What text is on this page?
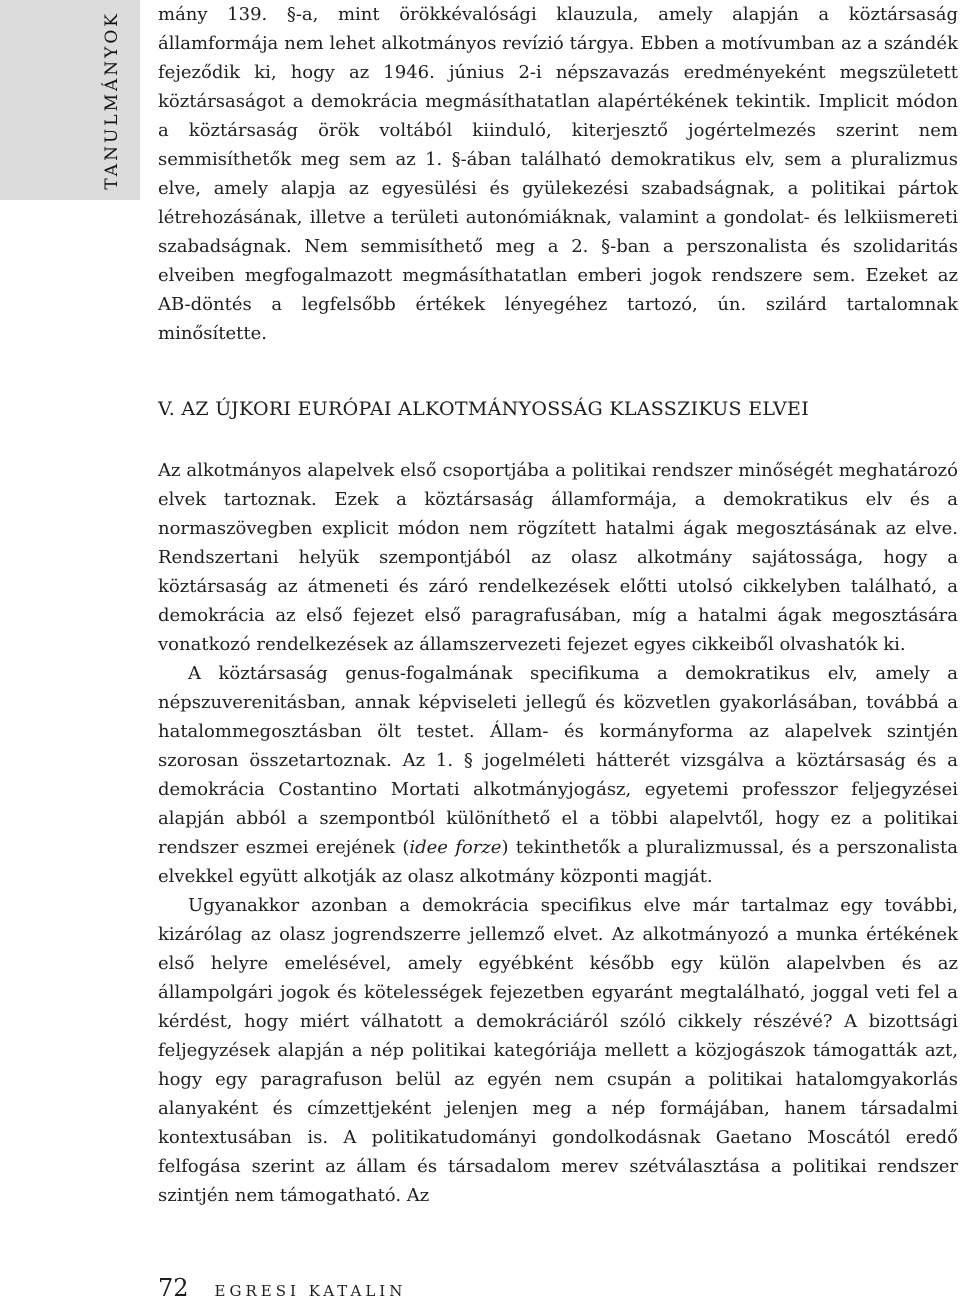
TANULMÁNYOK mány 139. §-a, mint örökkévalósági klauzula, amely alapján a köztársaság államformája nem lehet alkotmányos revízió tárgya. Ebben a motívumban az a szándék fejeződik ki, hogy az 1946. június 2-i népszavazás eredményeként megszületett köztársaságot a demokrácia megmásíthatatlan alapértékének tekintik. Implicit módon a köztársaság örök voltából kiinduló, kiterjesztő jogértelmezés szerint nem semmisíthetők meg sem az 1. §-ában található demokratikus elv, sem a pluralizmus elve, amely alapja az egyesülési és gyülekezési szabadságnak, a politikai pártok létrehozásának, illetve a területi autonómiáknak, valamint a gondolat- és lelkiismereti szabadságnak. Nem semmisíthető meg a 2. §-ban a perszonalista és szolidaritás elveiben megfogalmazott megmásíthatatlan emberi jogok rendszere sem. Ezeket az AB-döntés a legfelsőbb értékek lényegéhez tartozó, ún. szilárd tartalomnak minősítette.

V. AZ ÚJKORI EURÓPAI ALKOTMÁNYOSSÁG KLASSZIKUS ELVEI

Az alkotmányos alapelvek első csoportjába a politikai rendszer minőségét meghatározó elvek tartoznak. Ezek a köztársaság államformája, a demokratikus elv és a normaszövegben explicit módon nem rögzített hatalmi ágak megosztásának az elve. Rendszertani helyük szempontjából az olasz alkotmány sajátossága, hogy a köztársaság az átmeneti és záró rendelkezések előtti utolsó cikkelyben található, a demokrácia az első fejezet első paragrafusában, míg a hatalmi ágak megosztására vonatkozó rendelkezések az államszervezeti fejezet egyes cikkeiből olvashatók ki.

A köztársaság genus-fogalmának specifikuma a demokratikus elv, amely a népszuverenitásban, annak képviseleti jellegű és közvetlen gyakorlásában, továbbá a hatalommegosztásban ölt testet. Állam- és kormányforma az alapelvek szintjén szorosan összetartoznak. Az 1. § jogelméleti hátterét vizsgálva a köztársaság és a demokrácia Costantino Mortati alkotmányjogász, egyetemi professzor feljegyzései alapján abból a szempontból különíthető el a többi alapelvtől, hogy ez a politikai rendszer eszmei erejének (idee forze) tekinthetők a pluralizmussal, és a perszonalista elvekkel együtt alkotják az olasz alkotmány központi magját.

Ugyanakkor azonban a demokrácia specifikus elve már tartalmaz egy további, kizárólag az olasz jogrendszerre jellemző elvet. Az alkotmányozó a munka értékének első helyre emelésével, amely egyébként később egy külön alapelvben és az állampolgári jogok és kötelességek fejezetben egyaránt megtalálható, joggal veti fel a kérdést, hogy miért válhatott a demokráciáról szóló cikkely részévé? A bizottsági feljegyzések alapján a nép politikai kategóriája mellett a közjogászok támogatták azt, hogy egy paragrafuson belül az egyén nem csupán a politikai hatalomgyakorlás alanyaként és címzettjeként jelenjen meg a nép formájában, hanem társadalmi kontextusában is. A politikatudományi gondolkodásnak Gaetano Moscától eredő felfogása szerint az állam és társadalom merev szétválasztása a politikai rendszer szintjén nem támogatható. Az

72 EGRESI KATALIN
